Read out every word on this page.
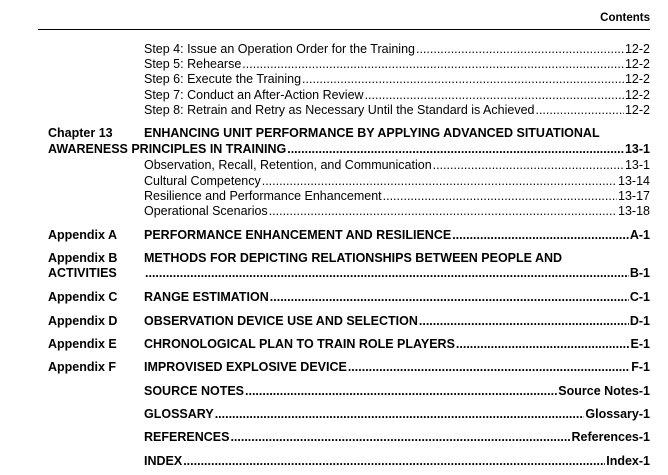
Contents
Step 4: Issue an Operation Order for the Training .....	12-2
Step 5: Rehearse .....	12-2
Step 6: Execute the Training .....	12-2
Step 7: Conduct an After-Action Review .....	12-2
Step 8: Retrain and Retry as Necessary Until the Standard is Achieved .....	12-2
Chapter 13	ENHANCING UNIT PERFORMANCE BY APPLYING ADVANCED SITUATIONAL
AWARENESS PRINCIPLES IN TRAINING .....	13-1
Observation, Recall, Retention, and Communication .....	13-1
Cultural Competency .....	13-14
Resilience and Performance Enhancement .....	13-17
Operational Scenarios .....	13-18
Appendix A PERFORMANCE ENHANCEMENT AND RESILIENCE .....	A-1
Appendix B METHODS FOR DEPICTING RELATIONSHIPS BETWEEN PEOPLE AND
ACTIVITIES .....	B-1
Appendix C RANGE ESTIMATION .....	C-1
Appendix D OBSERVATION DEVICE USE AND SELECTION .....	D-1
Appendix E CHRONOLOGICAL PLAN TO TRAIN ROLE PLAYERS .....	E-1
Appendix F IMPROVISED EXPLOSIVE DEVICE .....	F-1
SOURCE NOTES .....	Source Notes-1
GLOSSARY .....	Glossary-1
REFERENCES .....	References-1
INDEX .....	Index-1
